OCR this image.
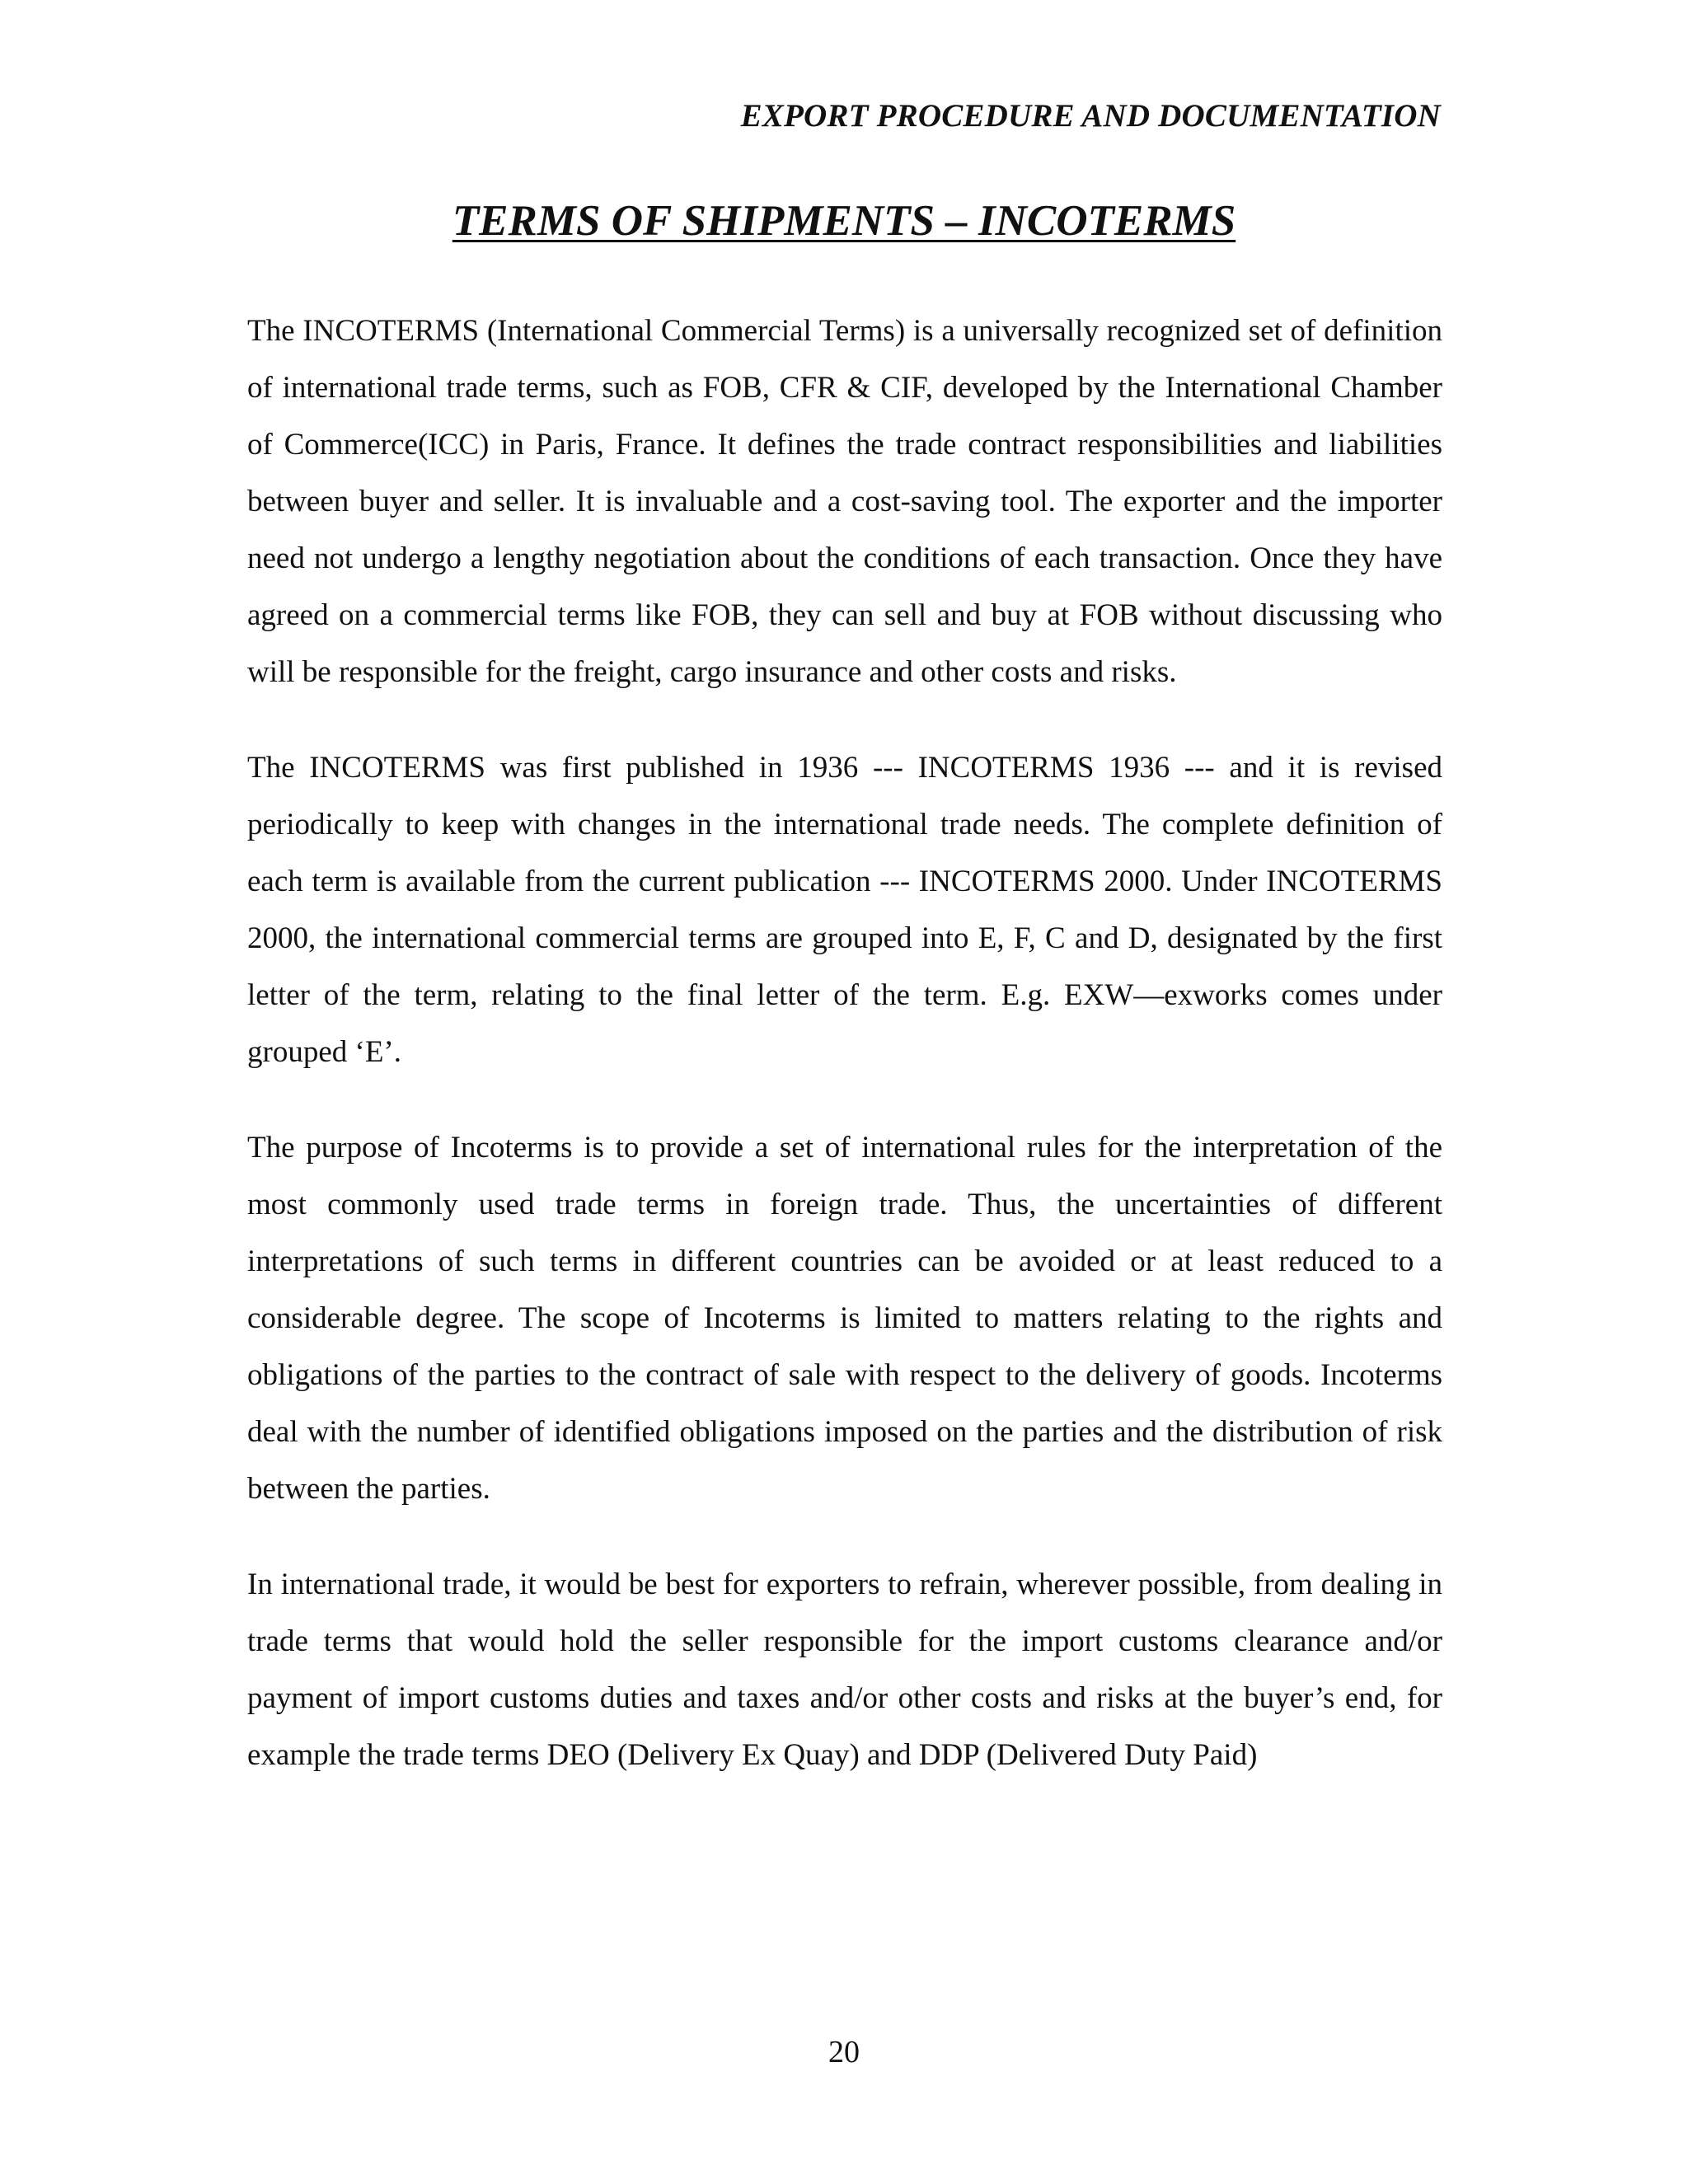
EXPORT PROCEDURE AND DOCUMENTATION
TERMS OF SHIPMENTS – INCOTERMS

The INCOTERMS (International Commercial Terms) is a universally recognized set of definition of international trade terms, such as FOB, CFR & CIF, developed by the International Chamber of Commerce(ICC) in Paris, France. It defines the trade contract responsibilities and liabilities between buyer and seller. It is invaluable and a cost-saving tool. The exporter and the importer need not undergo a lengthy negotiation about the conditions of each transaction. Once they have agreed on a commercial terms like FOB, they can sell and buy at FOB without discussing who will be responsible for the freight, cargo insurance and other costs and risks.

The INCOTERMS was first published in 1936 --- INCOTERMS 1936 --- and it is revised periodically to keep with changes in the international trade needs. The complete definition of each term is available from the current publication --- INCOTERMS 2000. Under INCOTERMS 2000, the international commercial terms are grouped into E, F, C and D, designated by the first letter of the term, relating to the final letter of the term. E.g. EXW—exworks comes under grouped ‘E’.

The purpose of Incoterms is to provide a set of international rules for the interpretation of the most commonly used trade terms in foreign trade. Thus, the uncertainties of different interpretations of such terms in different countries can be avoided or at least reduced to a considerable degree. The scope of Incoterms is limited to matters relating to the rights and obligations of the parties to the contract of sale with respect to the delivery of goods. Incoterms deal with the number of identified obligations imposed on the parties and the distribution of risk between the parties.

In international trade, it would be best for exporters to refrain, wherever possible, from dealing in trade terms that would hold the seller responsible for the import customs clearance and/or payment of import customs duties and taxes and/or other costs and risks at the buyer’s end, for example the trade terms DEO (Delivery Ex Quay) and DDP (Delivered Duty Paid)

20
